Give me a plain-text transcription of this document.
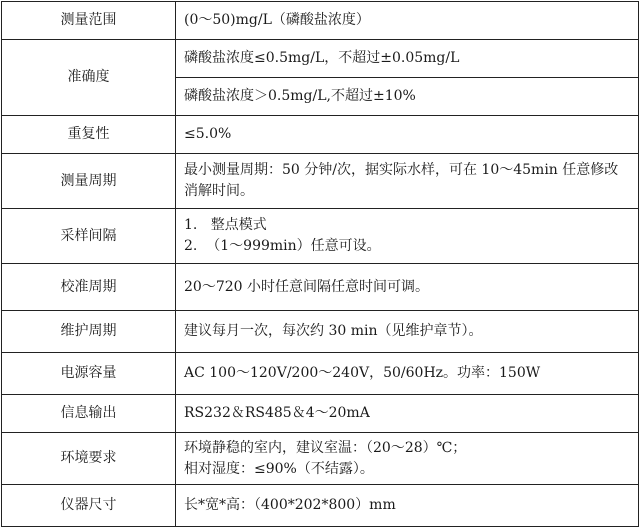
测量范围	(0～50)mg/L（磷酸盐浓度）
准确度	磷酸盐浓度≤0.5mg/L，不超过±0.05mg/L
	磷酸盐浓度＞0.5mg/L,不超过±10%
重复性	≤5.0%
测量周期	最小测量周期：50 分钟/次，据实际水样，可在 10～45min 任意修改消解时间。
采样间隔	1.   整点模式
2.  （1～999min）任意可设。

校准周期	20～720 小时任意间隔任意时间可调。
维护周期	建议每月一次，每次约 30 min（见维护章节）。
电源容量	AC 100～120V/200～240V，50/60Hz。功率：150W
信息输出	RS232＆RS485＆4～20mA
环境要求	环境静稳的室内，建议室温：（20～28）℃；
相对湿度：≤90%（不结露）。

仪器尺寸	长*宽*高：（400*202*800）mm
